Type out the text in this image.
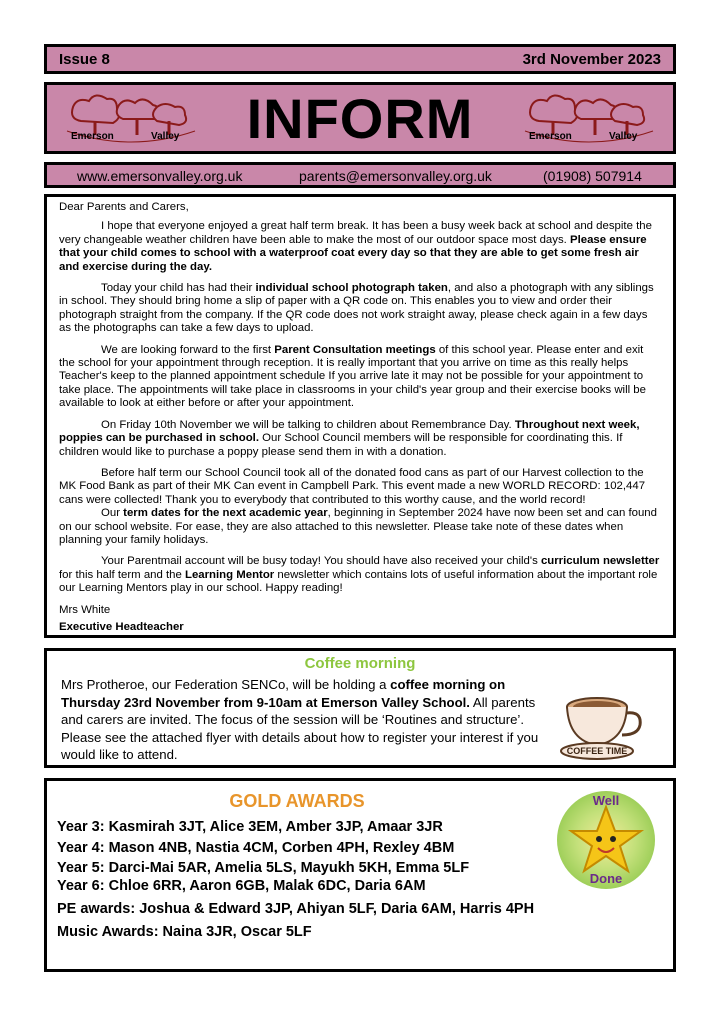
Issue 8	3rd November 2023
Emerson	Valley	INFORM	Emerson	Valley
www.emersonvalley.org.uk	parents@emersonvalley.org.uk	(01908) 507914

Dear Parents and Carers,

I hope that everyone enjoyed a great half term break. It has been a busy week back at school and despite the very changeable weather children have been able to make the most of our outdoor space most days. Please ensure that your child comes to school with a waterproof coat every day so that they are able to get some fresh air and exercise during the day.

Today your child has had their individual school photograph taken, and also a photograph with any siblings in school. They should bring home a slip of paper with a QR code on. This enables you to view and order their photograph straight from the company. If the QR code does not work straight away, please check again in a few days as the photographs can take a few days to upload.

We are looking forward to the first Parent Consultation meetings of this school year. Please enter and exit the school for your appointment through reception. It is really important that you arrive on time as this really helps Teacher's keep to the planned appointment schedule If you arrive late it may not be possible for your appointment to take place. The appointments will take place in classrooms in your child's year group and their exercise books will be available to look at either before or after your appointment.

On Friday 10th November we will be talking to children about Remembrance Day. Throughout next week, poppies can be purchased in school. Our School Council members will be responsible for coordinating this. If children would like to purchase a poppy please send them in with a donation.

Before half term our School Council took all of the donated food cans as part of our Harvest collection to the MK Food Bank as part of their MK Can event in Campbell Park. This event made a new WORLD RECORD: 102,447 cans were collected! Thank you to everybody that contributed to this worthy cause, and the world record!

Our term dates for the next academic year, beginning in September 2024 have now been set and can found on our school website. For ease, they are also attached to this newsletter. Please take note of these dates when planning your family holidays.

Your Parentmail account will be busy today! You should have also received your child's curriculum newsletter for this half term and the Learning Mentor newsletter which contains lots of useful information about the important role our Learning Mentors play in our school. Happy reading!

Mrs White

Executive Headteacher

Coffee morning
Mrs Protheroe, our Federation SENCo, will be holding a coffee morning on Thursday 23rd November from 9-10am at Emerson Valley School. All parents and carers are invited. The focus of the session will be ‘Routines and structure’. Please see the attached flyer with details about how to register your interest if you would like to attend.	COFFEE TIME
GOLD AWARDS
Year 3: Kasmirah 3JT, Alice 3EM, Amber 3JP, Amaar 3JR
Year 4: Mason 4NB, Nastia 4CM, Corben 4PH, Rexley 4BM
Year 5: Darci-Mai 5AR, Amelia 5LS, Mayukh 5KH, Emma 5LF
Year 6: Chloe 6RR, Aaron 6GB, Malak 6DC, Daria 6AM
PE awards: Joshua & Edward 3JP, Ahiyan 5LF, Daria 6AM, Harris 4PH
Music Awards: Naina 3JR, Oscar 5LF
Well
Done
